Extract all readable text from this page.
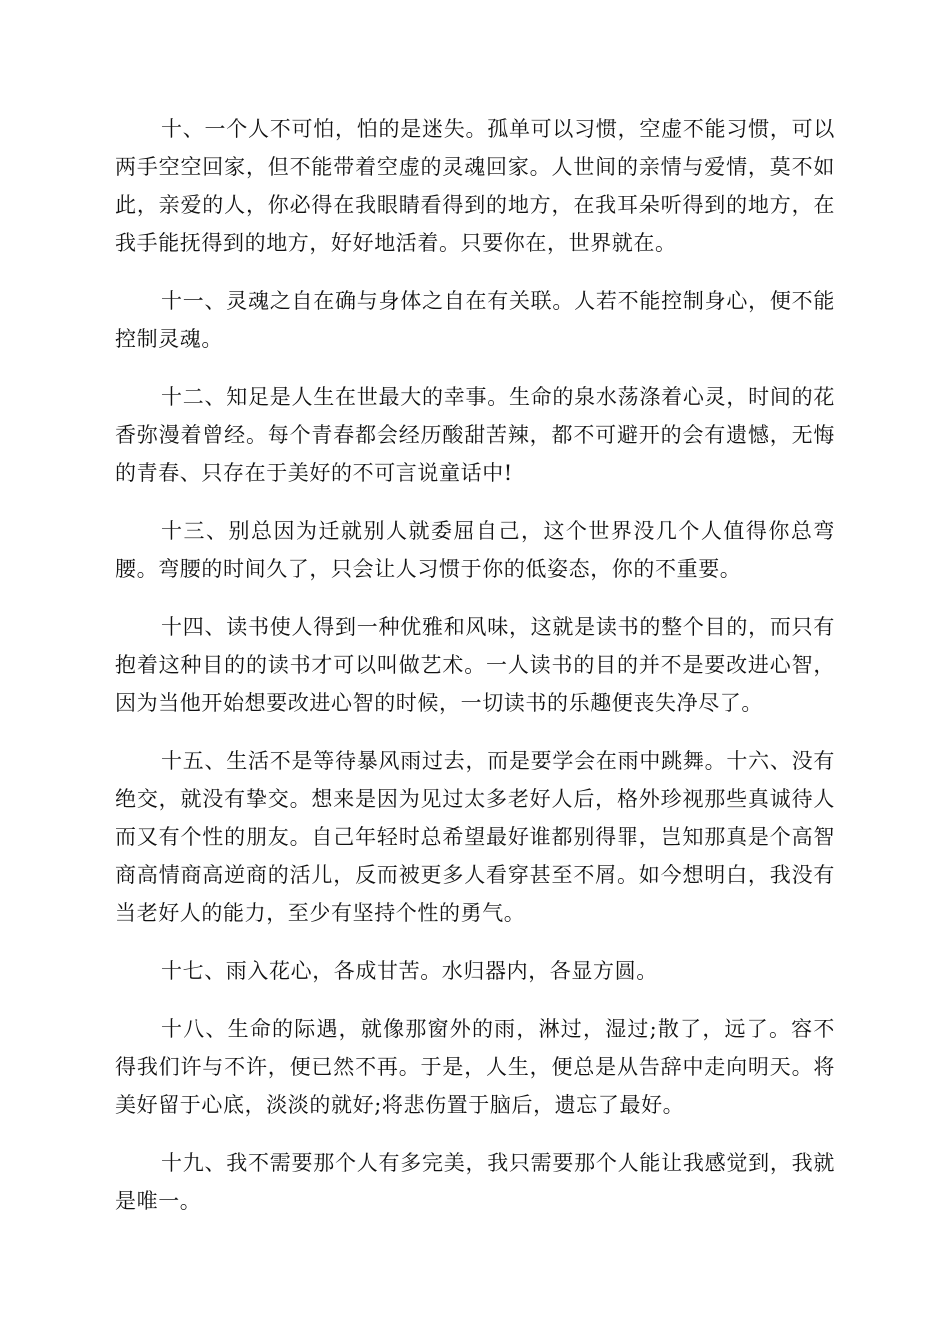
十、一个人不可怕，怕的是迷失。孤单可以习惯，空虚不能习惯，可以两手空空回家，但不能带着空虚的灵魂回家。人世间的亲情与爱情，莫不如此，亲爱的人，你必得在我眼睛看得到的地方，在我耳朵听得到的地方，在我手能抚得到的地方，好好地活着。只要你在，世界就在。

十一、灵魂之自在确与身体之自在有关联。人若不能控制身心，便不能控制灵魂。

十二、知足是人生在世最大的幸事。生命的泉水荡涤着心灵，时间的花香弥漫着曾经。每个青春都会经历酸甜苦辣，都不可避开的会有遗憾，无悔的青春、只存在于美好的不可言说童话中!

十三、别总因为迁就别人就委屈自己，这个世界没几个人值得你总弯腰。弯腰的时间久了，只会让人习惯于你的低姿态，你的不重要。

十四、读书使人得到一种优雅和风味，这就是读书的整个目的，而只有抱着这种目的的读书才可以叫做艺术。一人读书的目的并不是要改进心智，因为当他开始想要改进心智的时候，一切读书的乐趣便丧失净尽了。

十五、生活不是等待暴风雨过去，而是要学会在雨中跳舞。十六、没有绝交，就没有挚交。想来是因为见过太多老好人后，格外珍视那些真诚待人而又有个性的朋友。自己年轻时总希望最好谁都别得罪，岂知那真是个高智商高情商高逆商的活儿，反而被更多人看穿甚至不屑。如今想明白，我没有当老好人的能力，至少有坚持个性的勇气。

十七、雨入花心，各成甘苦。水归器内，各显方圆。

十八、生命的际遇，就像那窗外的雨，淋过，湿过;散了，远了。容不得我们许与不许，便已然不再。于是，人生，便总是从告辞中走向明天。将美好留于心底，淡淡的就好;将悲伤置于脑后，遗忘了最好。

十九、我不需要那个人有多完美，我只需要那个人能让我感觉到，我就是唯一。
